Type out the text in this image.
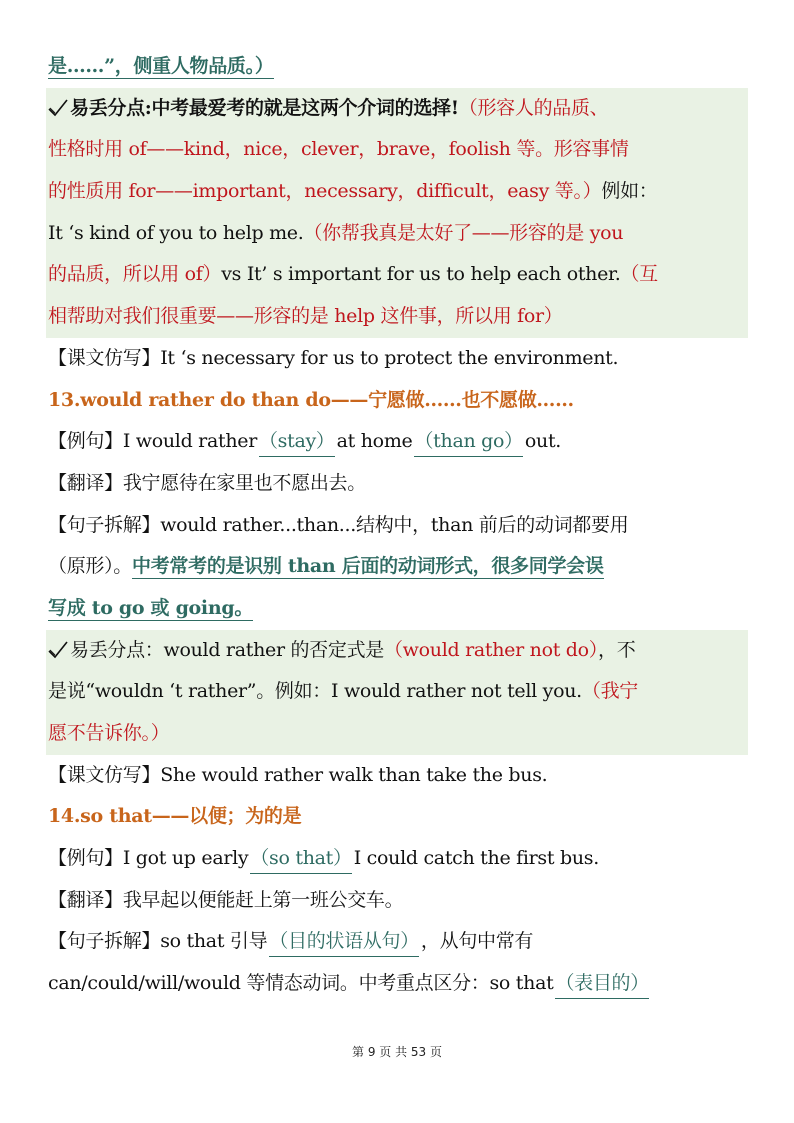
是……”，侧重人物品质。）
易丢分点:中考最爱考的就是这两个介词的选择!（形容人的品质、
性格时用 of——kind，nice，clever，brave，foolish 等。形容事情
的性质用 for——important，necessary，difficult，easy 等。）例如：
It ‘s kind of you to help me.（你帮我真是太好了——形容的是 you
的品质，所以用 of）vs It’ s important for us to help each other.（互
相帮助对我们很重要——形容的是 help 这件事，所以用 for）
【课文仿写】It ‘s necessary for us to protect the environment.
13.would rather do than do——宁愿做……也不愿做……
【例句】I would rather （stay） at home （than go） out.
【翻译】我宁愿待在家里也不愿出去。
【句子拆解】would rather...than...结构中，than 前后的动词都要用
（原形）。中考常考的是识别 than 后面的动词形式，很多同学会误
写成 to go 或 going。
易丢分点：would rather 的否定式是（would rather not do），不
是说“wouldn ‘t rather”。例如：I would rather not tell you.（我宁
愿不告诉你。）
【课文仿写】She would rather walk than take the bus.
14.so that——以便；为的是
【例句】I got up early （so that） I could catch the first bus.
【翻译】我早起以便能赶上第一班公交车。
【句子拆解】so that 引导 （目的状语从句） ，从句中常有
can/could/will/would 等情态动词。中考重点区分：so that （表目的）
第 9 页 共 53 页
